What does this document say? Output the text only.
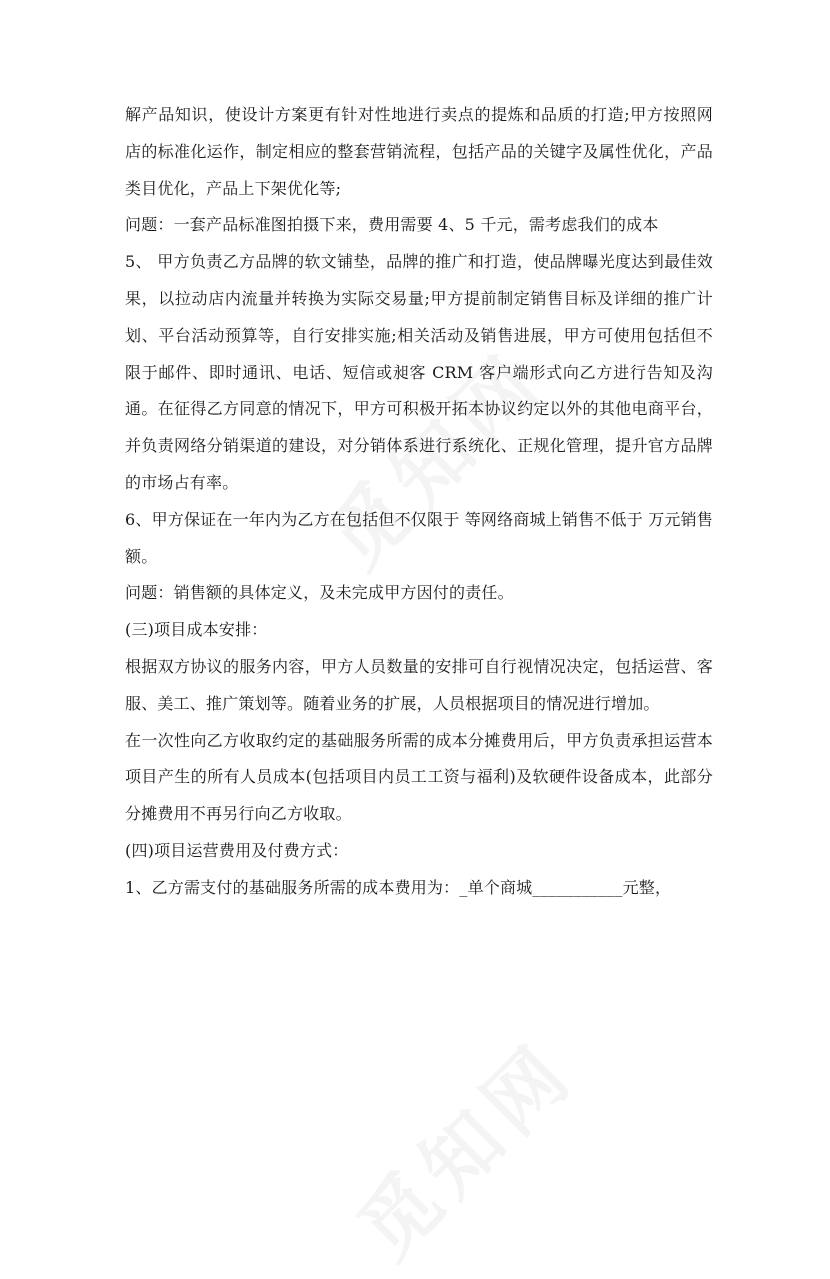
解产品知识，使设计方案更有针对性地进行卖点的提炼和品质的打造;甲方按照网店的标准化运作，制定相应的整套营销流程，包括产品的关键字及属性优化，产品类目优化，产品上下架优化等;

问题：一套产品标准图拍摄下来，费用需要 4、5 千元，需考虑我们的成本

5、 甲方负责乙方品牌的软文铺垫，品牌的推广和打造，使品牌曝光度达到最佳效果，以拉动店内流量并转换为实际交易量;甲方提前制定销售目标及详细的推广计划、平台活动预算等，自行安排实施;相关活动及销售进展，甲方可使用包括但不限于邮件、即时通讯、电话、短信或昶客 CRM 客户端形式向乙方进行告知及沟通。在征得乙方同意的情况下，甲方可积极开拓本协议约定以外的其他电商平台，并负责网络分销渠道的建设，对分销体系进行系统化、正规化管理，提升官方品牌的市场占有率。

6、甲方保证在一年内为乙方在包括但不仅限于 等网络商城上销售不低于 万元销售额。

问题：销售额的具体定义，及未完成甲方因付的责任。

(三)项目成本安排：

根据双方协议的服务内容，甲方人员数量的安排可自行视情况决定，包括运营、客服、美工、推广策划等。随着业务的扩展，人员根据项目的情况进行增加。

在一次性向乙方收取约定的基础服务所需的成本分摊费用后，甲方负责承担运营本项目产生的所有人员成本(包括项目内员工工资与福利)及软硬件设备成本，此部分分摊费用不再另行向乙方收取。

(四)项目运营费用及付费方式：

1、乙方需支付的基础服务所需的成本费用为：_单个商城___________元整，
